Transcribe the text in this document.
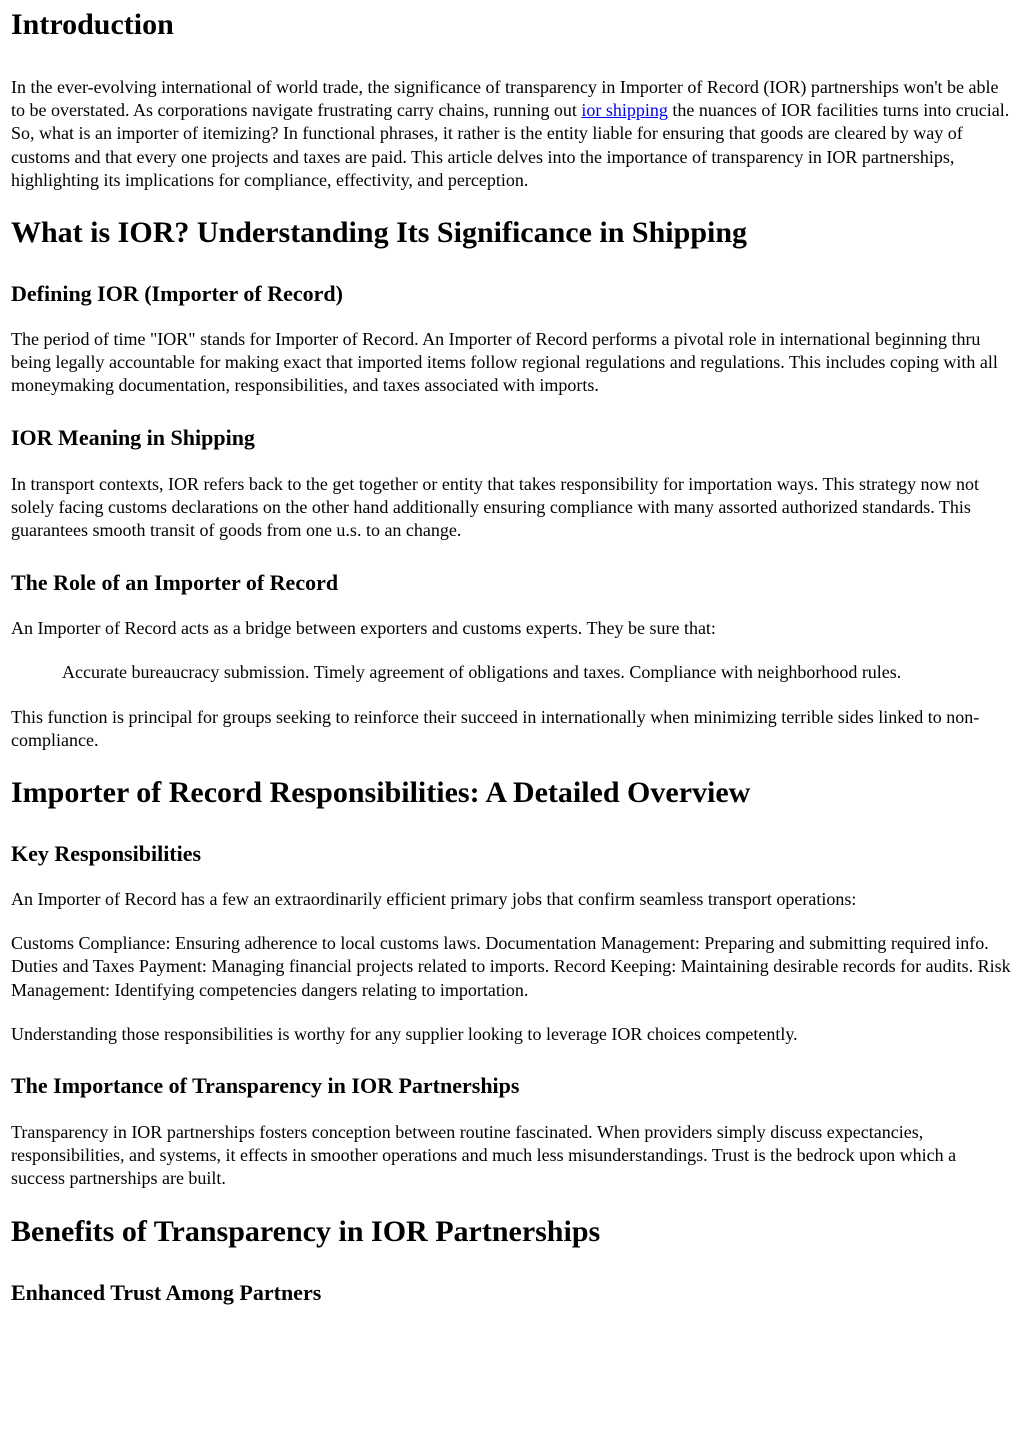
Introduction

In the ever-evolving international of world trade, the significance of transparency in Importer of Record (IOR) partnerships won't be able to be overstated. As corporations navigate frustrating carry chains, running out ior shipping the nuances of IOR facilities turns into crucial. So, what is an importer of itemizing? In functional phrases, it rather is the entity liable for ensuring that goods are cleared by way of customs and that every one projects and taxes are paid. This article delves into the importance of transparency in IOR partnerships, highlighting its implications for compliance, effectivity, and perception.

What is IOR? Understanding Its Significance in Shipping
Defining IOR (Importer of Record)

The period of time "IOR" stands for Importer of Record. An Importer of Record performs a pivotal role in international beginning thru being legally accountable for making exact that imported items follow regional regulations and regulations. This includes coping with all moneymaking documentation, responsibilities, and taxes associated with imports.

IOR Meaning in Shipping

In transport contexts, IOR refers back to the get together or entity that takes responsibility for importation ways. This strategy now not solely facing customs declarations on the other hand additionally ensuring compliance with many assorted authorized standards. This guarantees smooth transit of goods from one u.s. to an change.

The Role of an Importer of Record

An Importer of Record acts as a bridge between exporters and customs experts. They be sure that:

Accurate bureaucracy submission. Timely agreement of obligations and taxes. Compliance with neighborhood rules.

This function is principal for groups seeking to reinforce their succeed in internationally when minimizing terrible sides linked to non-compliance.

Importer of Record Responsibilities: A Detailed Overview
Key Responsibilities

An Importer of Record has a few an extraordinarily efficient primary jobs that confirm seamless transport operations:

Customs Compliance: Ensuring adherence to local customs laws. Documentation Management: Preparing and submitting required info. Duties and Taxes Payment: Managing financial projects related to imports. Record Keeping: Maintaining desirable records for audits. Risk Management: Identifying competencies dangers relating to importation.

Understanding those responsibilities is worthy for any supplier looking to leverage IOR choices competently.

The Importance of Transparency in IOR Partnerships

Transparency in IOR partnerships fosters conception between routine fascinated. When providers simply discuss expectancies, responsibilities, and systems, it effects in smoother operations and much less misunderstandings. Trust is the bedrock upon which a success partnerships are built.

Benefits of Transparency in IOR Partnerships
Enhanced Trust Among Partners
